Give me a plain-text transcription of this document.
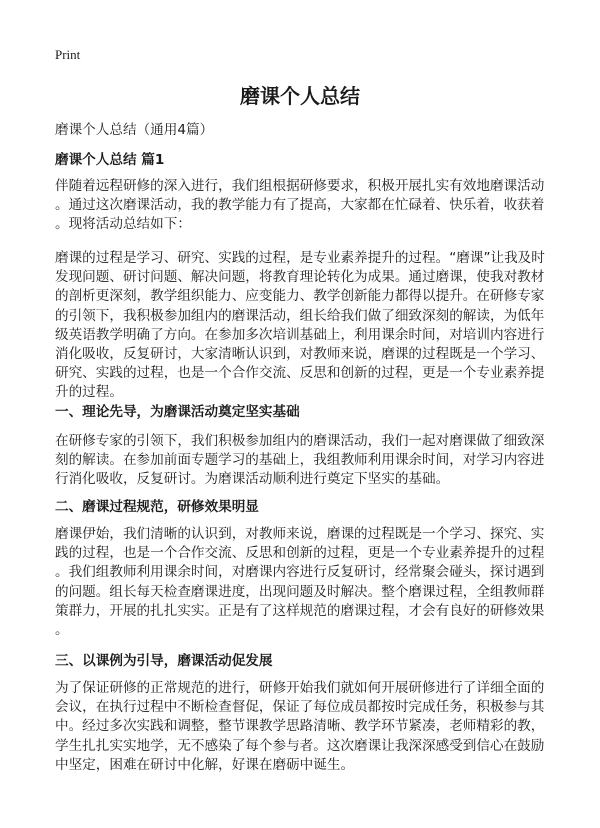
Print
磨课个人总结
磨课个人总结（通用4篇）
磨课个人总结 篇1
伴随着远程研修的深入进行，我们组根据研修要求，积极开展扎实有效地磨课活动
。通过这次磨课活动，我的教学能力有了提高，大家都在忙碌着、快乐着，收获着
。现将活动总结如下：
磨课的过程是学习、研究、实践的过程，是专业素养提升的过程。“磨课”让我及时
发现问题、研讨问题、解决问题，将教育理论转化为成果。通过磨课，使我对教材
的剖析更深刻，教学组织能力、应变能力、教学创新能力都得以提升。在研修专家
的引领下，我积极参加组内的磨课活动，组长给我们做了细致深刻的解读，为低年
级英语教学明确了方向。在参加多次培训基础上，利用课余时间，对培训内容进行
消化吸收，反复研讨，大家清晰认识到，对教师来说，磨课的过程既是一个学习、
研究、实践的过程，也是一个合作交流、反思和创新的过程，更是一个专业素养提
升的过程。
一、理论先导，为磨课活动奠定坚实基础
在研修专家的引领下，我们积极参加组内的磨课活动，我们一起对磨课做了细致深
刻的解读。在参加前面专题学习的基础上，我组教师利用课余时间，对学习内容进
行消化吸收，反复研讨。为磨课活动顺利进行奠定下坚实的基础。
二、磨课过程规范，研修效果明显
磨课伊始，我们清晰的认识到，对教师来说，磨课的过程既是一个学习、探究、实
践的过程，也是一个合作交流、反思和创新的过程，更是一个专业素养提升的过程
。我们组教师利用课余时间，对磨课内容进行反复研讨，经常聚会碰头，探讨遇到
的问题。组长每天检查磨课进度，出现问题及时解决。整个磨课过程，全组教师群
策群力，开展的扎扎实实。正是有了这样规范的磨课过程，才会有良好的研修效果
。
三、以课例为引导，磨课活动促发展
为了保证研修的正常规范的进行，研修开始我们就如何开展研修进行了详细全面的
会议，在执行过程中不断检查督促，保证了每位成员都按时完成任务，积极参与其
中。经过多次实践和调整，整节课教学思路清晰、教学环节紧凑，老师精彩的教，
学生扎扎实实地学，无不感染了每个参与者。这次磨课让我深深感受到信心在鼓励
中坚定，困难在研讨中化解，好课在磨砺中诞生。
